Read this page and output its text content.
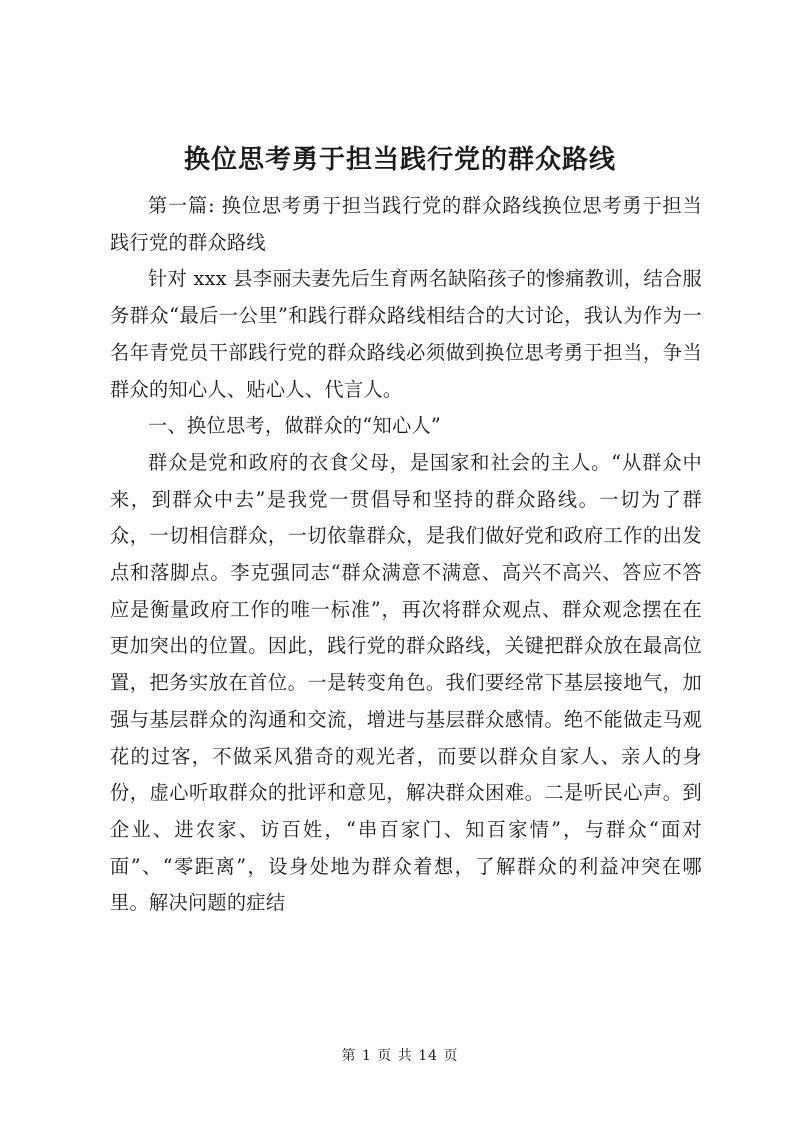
换位思考勇于担当践行党的群众路线

第一篇: 换位思考勇于担当践行党的群众路线换位思考勇于担当践行党的群众路线

针对 xxx 县李丽夫妻先后生育两名缺陷孩子的惨痛教训，结合服务群众“最后一公里”和践行群众路线相结合的大讨论，我认为作为一名年青党员干部践行党的群众路线必须做到换位思考勇于担当，争当群众的知心人、贴心人、代言人。

一、换位思考，做群众的“知心人”

群众是党和政府的衣食父母，是国家和社会的主人。“从群众中来，到群众中去”是我党一贯倡导和坚持的群众路线。一切为了群众，一切相信群众，一切依靠群众，是我们做好党和政府工作的出发点和落脚点。李克强同志“群众满意不满意、高兴不高兴、答应不答应是衡量政府工作的唯一标准”，再次将群众观点、群众观念摆在在更加突出的位置。因此，践行党的群众路线，关键把群众放在最高位置，把务实放在首位。一是转变角色。我们要经常下基层接地气，加强与基层群众的沟通和交流，增进与基层群众感情。绝不能做走马观花的过客，不做采风猎奇的观光者，而要以群众自家人、亲人的身份，虚心听取群众的批评和意见，解决群众困难。二是听民心声。到企业、进农家、访百姓，“串百家门、知百家情”，与群众“面对面”、“零距离”，设身处地为群众着想，了解群众的利益冲突在哪里。解决问题的症结

第 1 页 共 14 页
